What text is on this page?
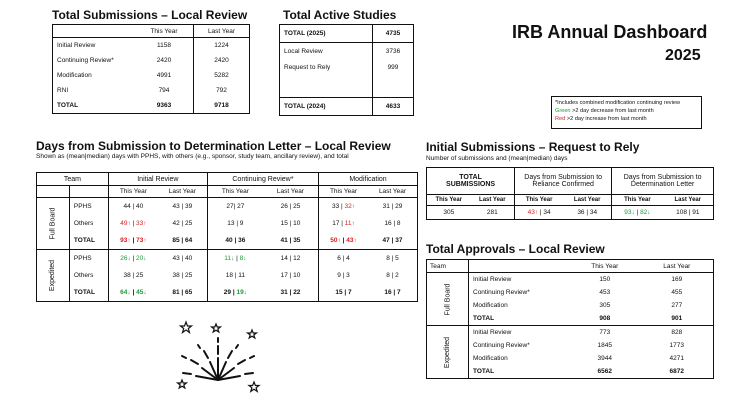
IRB Annual Dashboard
2025
*Includes combined modification continuing review
Green >2 day decrease from last month
Red >2 day increase from last month
Total Submissions – Local Review
	This Year	Last Year
Initial Review	1158	1224
Continuing Review*	2420	2420
Modification	4991	5282
RNI	794	792
TOTAL	9363	9718
Total Active Studies
TOTAL (2025)	4735
Local Review	3736
Request to Rely	999
TOTAL (2024)	4633
Days from Submission to Determination Letter – Local Review
Shown as (mean|median) days with PPHS, with others (e.g., sponsor, study team, ancillary review), and total
Team		Initial Review		Continuing Review*		Modification	
		This Year	Last Year	This Year	Last Year	This Year	Last Year
Full Board	PPHS	44 | 40	43 | 39	27| 27	26 | 25	33 | 32↑	31 | 29
	Others	49↑ | 33↑	42 | 25	13 | 9	15 | 10	17 | 11↑	16 | 8
	TOTAL	93↑ | 73↑	85 | 64	40 | 36	41 | 35	50↑ | 43↑	47 | 37
Expedited	PPHS	26↓ | 20↓	43 | 40	11↓ | 8↓	14 | 12	6 | 4	8 | 5
	Others	38 | 25	38 | 25	18 | 11	17 | 10	9 | 3	8 | 2
	TOTAL	64↓ | 45↓	81 | 65	29 | 19↓	31 | 22	15 | 7	16 | 7
Initial Submissions – Request to Rely
Number of submissions and (mean|median) days
TOTAL SUBMISSIONS		Days from Submission to Reliance Confirmed		Days from Submission to Determination Letter	
This Year	Last Year	This Year	Last Year	This Year	Last Year
305	281	43↑ | 34	36 | 34	93↓ | 82↓	108 | 91
Total Approvals – Local Review
Team		This Year	Last Year
Full Board	Initial Review	150	169
	Continuing Review*	453	455
	Modification	305	277
	TOTAL	908	901
Expedited	Initial Review	773	828
	Continuing Review*	1845	1773
	Modification	3944	4271
	TOTAL	6562	6872
